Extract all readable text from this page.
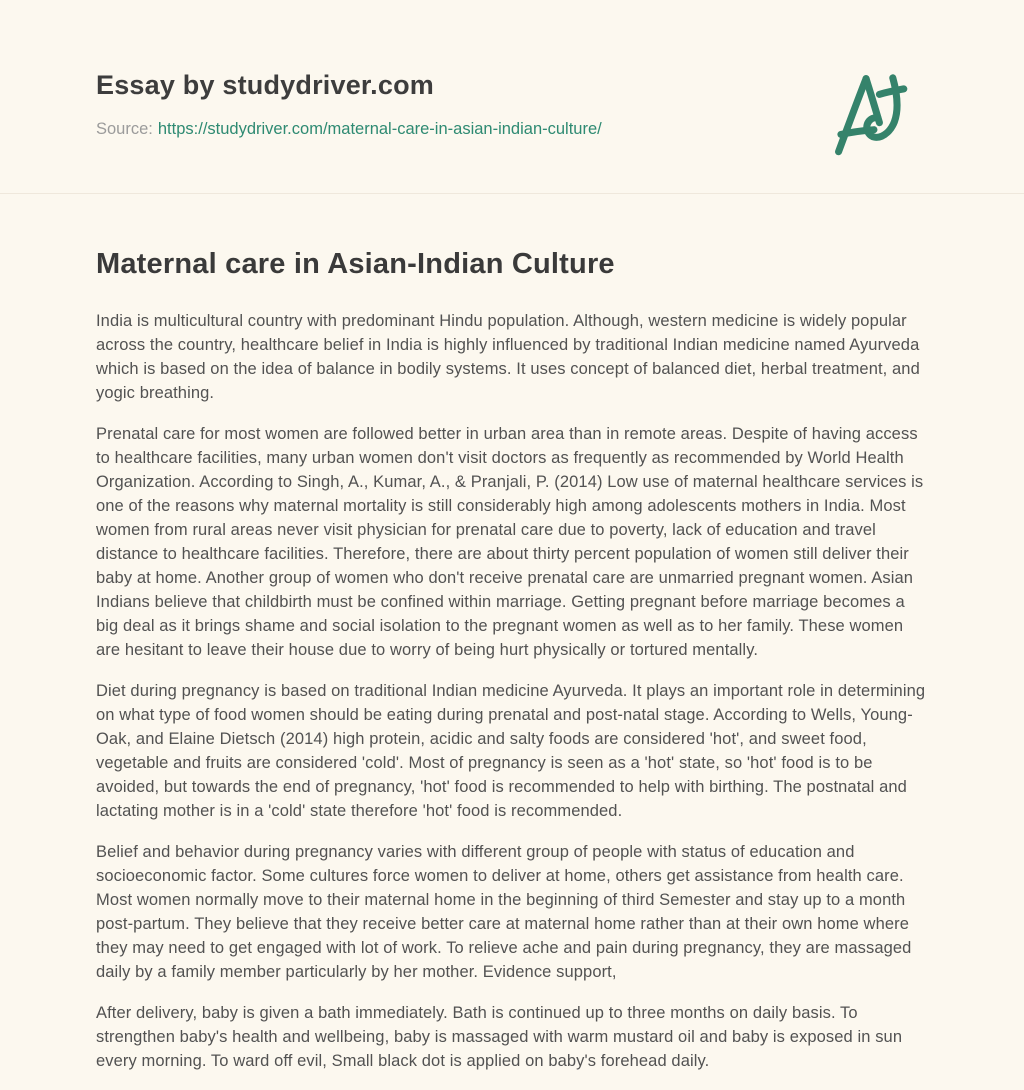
Essay by studydriver.com
Source: https://studydriver.com/maternal-care-in-asian-indian-culture/
Maternal care in Asian-Indian Culture

India is multicultural country with predominant Hindu population. Although, western medicine is widely popular across the country, healthcare belief in India is highly influenced by traditional Indian medicine named Ayurveda which is based on the idea of balance in bodily systems. It uses concept of balanced diet, herbal treatment, and yogic breathing.

Prenatal care for most women are followed better in urban area than in remote areas. Despite of having access to healthcare facilities, many urban women don't visit doctors as frequently as recommended by World Health Organization. According to Singh, A., Kumar, A., & Pranjali, P. (2014) Low use of maternal healthcare services is one of the reasons why maternal mortality is still considerably high among adolescents mothers in India. Most women from rural areas never visit physician for prenatal care due to poverty, lack of education and travel distance to healthcare facilities. Therefore, there are about thirty percent population of women still deliver their baby at home. Another group of women who don't receive prenatal care are unmarried pregnant women. Asian Indians believe that childbirth must be confined within marriage. Getting pregnant before marriage becomes a big deal as it brings shame and social isolation to the pregnant women as well as to her family. These women are hesitant to leave their house due to worry of being hurt physically or tortured mentally.

Diet during pregnancy is based on traditional Indian medicine Ayurveda. It plays an important role in determining on what type of food women should be eating during prenatal and post-natal stage. According to Wells, Young-Oak, and Elaine Dietsch (2014) high protein, acidic and salty foods are considered 'hot', and sweet food, vegetable and fruits are considered 'cold'. Most of pregnancy is seen as a 'hot' state, so 'hot' food is to be avoided, but towards the end of pregnancy, 'hot' food is recommended to help with birthing. The postnatal and lactating mother is in a 'cold' state therefore 'hot' food is recommended.

Belief and behavior during pregnancy varies with different group of people with status of education and socioeconomic factor. Some cultures force women to deliver at home, others get assistance from health care. Most women normally move to their maternal home in the beginning of third Semester and stay up to a month post-partum. They believe that they receive better care at maternal home rather than at their own home where they may need to get engaged with lot of work. To relieve ache and pain during pregnancy, they are massaged daily by a family member particularly by her mother. Evidence support,

After delivery, baby is given a bath immediately. Bath is continued up to three months on daily basis. To strengthen baby's health and wellbeing, baby is massaged with warm mustard oil and baby is exposed in sun every morning. To ward off evil, Small black dot is applied on baby's forehead daily.
